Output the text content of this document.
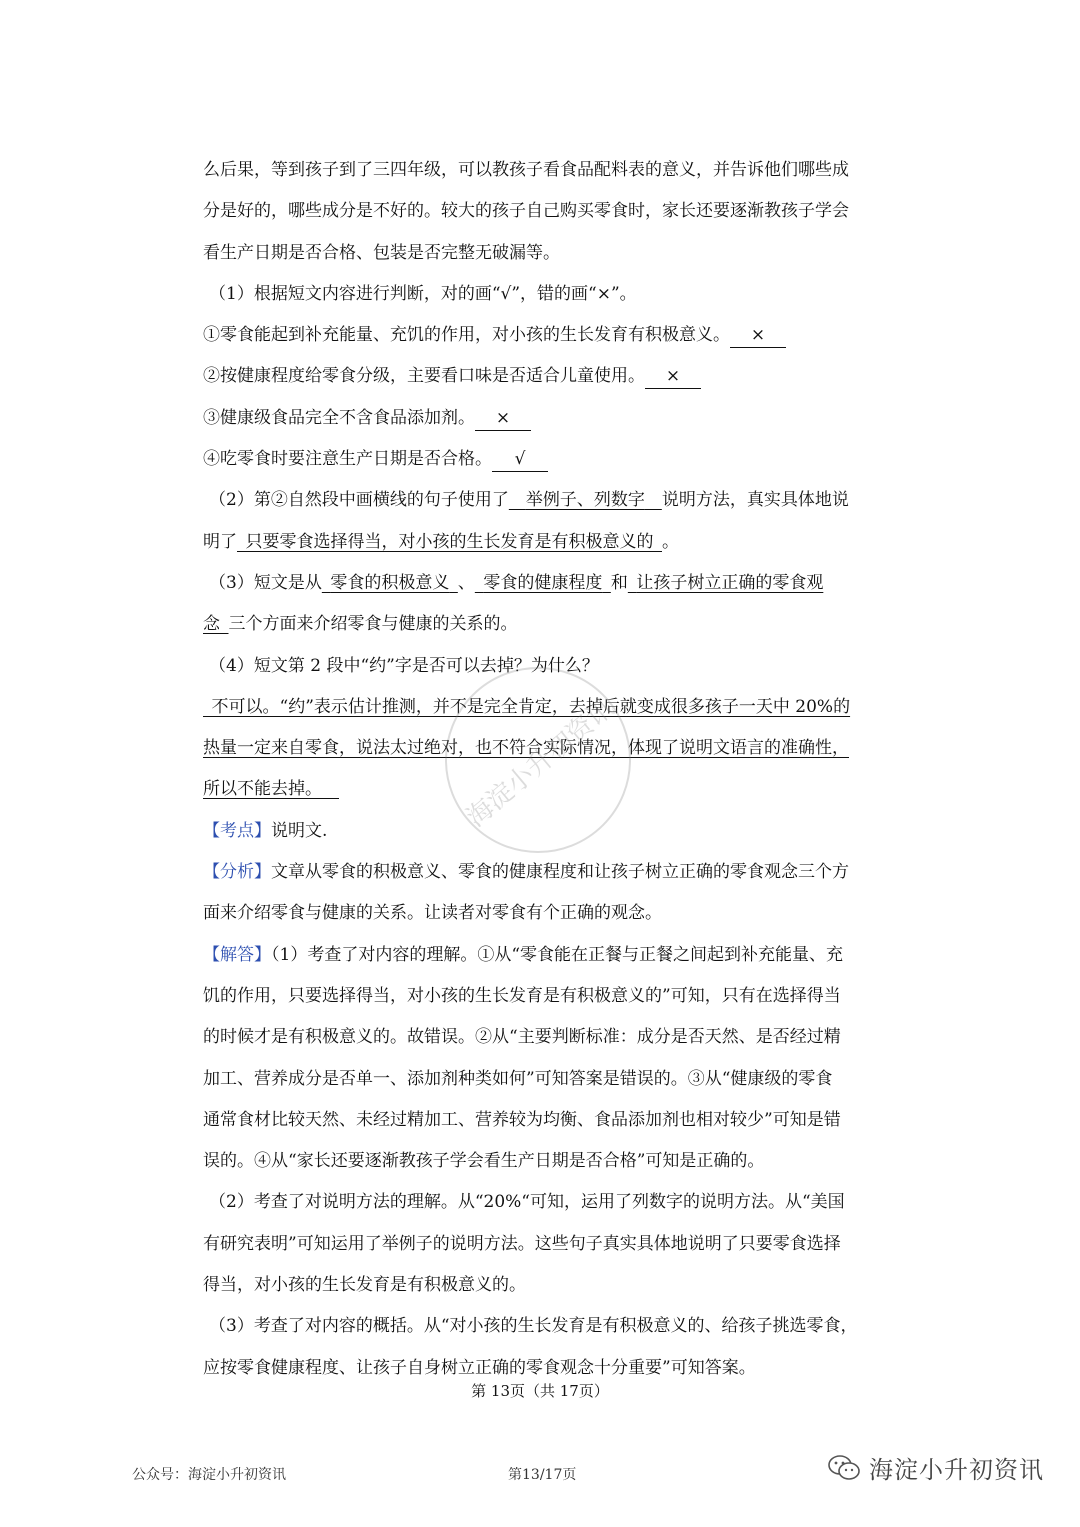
么后果，等到孩子到了三四年级，可以教孩子看食品配料表的意义，并告诉他们哪些成

分是好的，哪些成分是不好的。较大的孩子自己购买零食时，家长还要逐渐教孩子学会

看生产日期是否合格、包装是否完整无破漏等。

（1）根据短文内容进行判断，对的画“√”，错的画“×”。

①零食能起到补充能量、充饥的作用，对小孩的生长发育有积极意义。 ×

②按健康程度给零食分级，主要看口味是否适合儿童使用。 ×

③健康级食品完全不含食品添加剂。 ×

④吃零食时要注意生产日期是否合格。 √

（2）第②自然段中画横线的句子使用了  举例子、列数字  说明方法，真实具体地说

明了  只要零食选择得当，对小孩的生长发育是有积极意义的  。

（3）短文是从  零食的积极意义  、  零食的健康程度  和  让孩子树立正确的零食观

念  三个方面来介绍零食与健康的关系的。

（4）短文第 2 段中“约”字是否可以去掉？为什么？

 不可以。“约”表示估计推测，并不是完全肯定，去掉后就变成很多孩子一天中 20%的

热量一定来自零食，说法太过绝对，也不符合实际情况，体现了说明文语言的准确性，

所以不能去掉。 

【考点】说明文.

【分析】文章从零食的积极意义、零食的健康程度和让孩子树立正确的零食观念三个方

面来介绍零食与健康的关系。让读者对零食有个正确的观念。

【解答】（1）考查了对内容的理解。①从“零食能在正餐与正餐之间起到补充能量、充

饥的作用，只要选择得当，对小孩的生长发育是有积极意义的”可知，只有在选择得当

的时候才是有积极意义的。故错误。②从“主要判断标准：成分是否天然、是否经过精

加工、营养成分是否单一、添加剂种类如何”可知答案是错误的。③从“健康级的零食

通常食材比较天然、未经过精加工、营养较为均衡、食品添加剂也相对较少”可知是错

误的。④从“家长还要逐渐教孩子学会看生产日期是否合格”可知是正确的。

（2）考查了对说明方法的理解。从“20%“可知，运用了列数字的说明方法。从“美国

有研究表明”可知运用了举例子的说明方法。这些句子真实具体地说明了只要零食选择

得当，对小孩的生长发育是有积极意义的。

（3）考查了对内容的概括。从“对小孩的生长发育是有积极意义的、给孩子挑选零食，

应按零食健康程度、让孩子自身树立正确的零食观念十分重要”可知答案。

海淀小升初资讯
第 13页（共 17页）
公众号：海淀小升初资讯	第13/17页	海淀小升初资讯
